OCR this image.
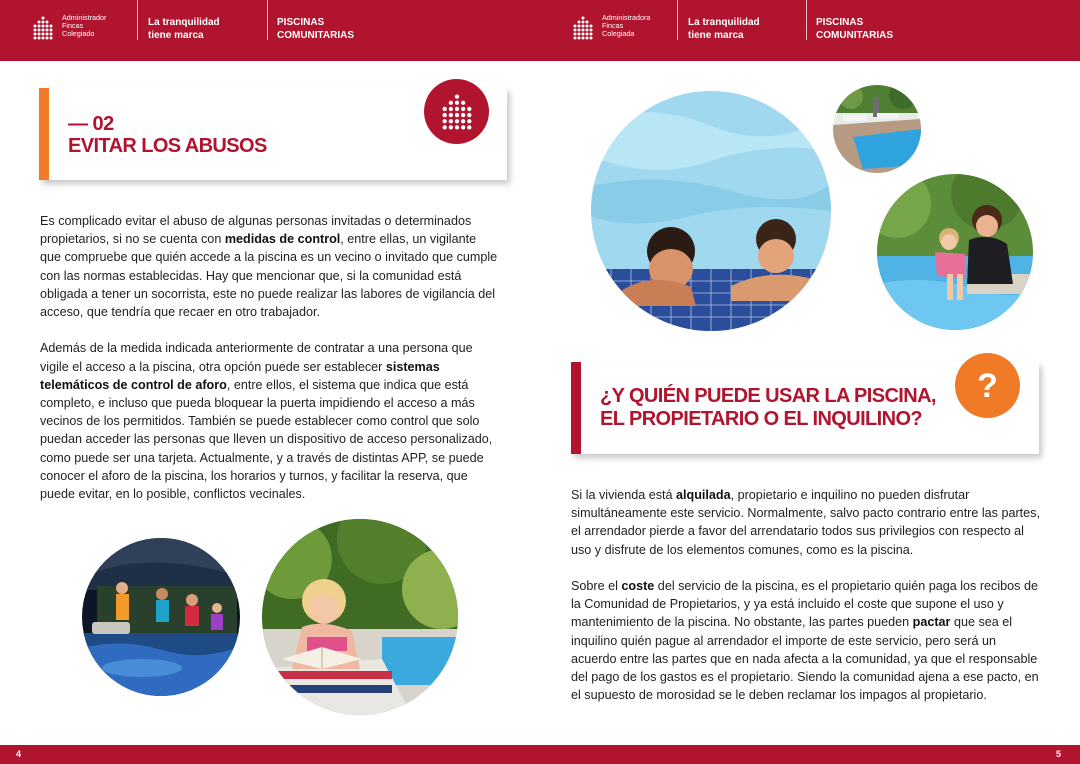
Administrador
Fincas
Colegiado
La tranquilidad
tiene marca
PISCINAS
COMUNITARIAS
Administradora
Fincas
Colegiada
La tranquilidad
tiene marca
PISCINAS
COMUNITARIAS
— 02
EVITAR LOS ABUSOS

Es complicado evitar el abuso de algunas personas invitadas o determinados propietarios, si no se cuenta con medidas de control, entre ellas, un vigilante que compruebe que quién accede a la piscina es un vecino o invitado que cumple con las normas establecidas. Hay que mencionar que, si la comunidad está obligada a tener un socorrista, este no puede realizar las labores de vigilancia del acceso, que tendría que recaer en otro trabajador.

Además de la medida indicada anteriormente de contratar a una persona que vigile el acceso a la piscina, otra opción puede ser establecer sistemas telemáticos de control de aforo, entre ellos, el sistema que indica que está completo, e incluso que pueda bloquear la puerta impidiendo el acceso a más vecinos de los permitidos. También se puede establecer como control que solo puedan acceder las personas que lleven un dispositivo de acceso personalizado, como puede ser una tarjeta. Actualmente, y a través de distintas APP, se puede conocer el aforo de la piscina, los horarios y turnos, y facilitar la reserva, que puede evitar, en lo posible, conflictos vecinales.

¿Y QUIÉN PUEDE USAR LA PISCINA,
EL PROPIETARIO O EL INQUILINO?
?

Si la vivienda está alquilada, propietario e inquilino no pueden disfrutar simultáneamente este servicio. Normalmente, salvo pacto contrario entre las partes, el arrendador pierde a favor del arrendatario todos sus privilegios con respecto al uso y disfrute de los elementos comunes, como es la piscina.

Sobre el coste del servicio de la piscina, es el propietario quién paga los recibos de la Comunidad de Propietarios, y ya está incluido el coste que supone el uso y mantenimiento de la piscina. No obstante, las partes pueden pactar que sea el inquilino quién pague al arrendador el importe de este servicio, pero será un acuerdo entre las partes que en nada afecta a la comunidad, ya que el responsable del pago de los gastos es el propietario. Siendo la comunidad ajena a ese pacto, en el supuesto de morosidad se le deben reclamar los impagos al propietario.

4	5
